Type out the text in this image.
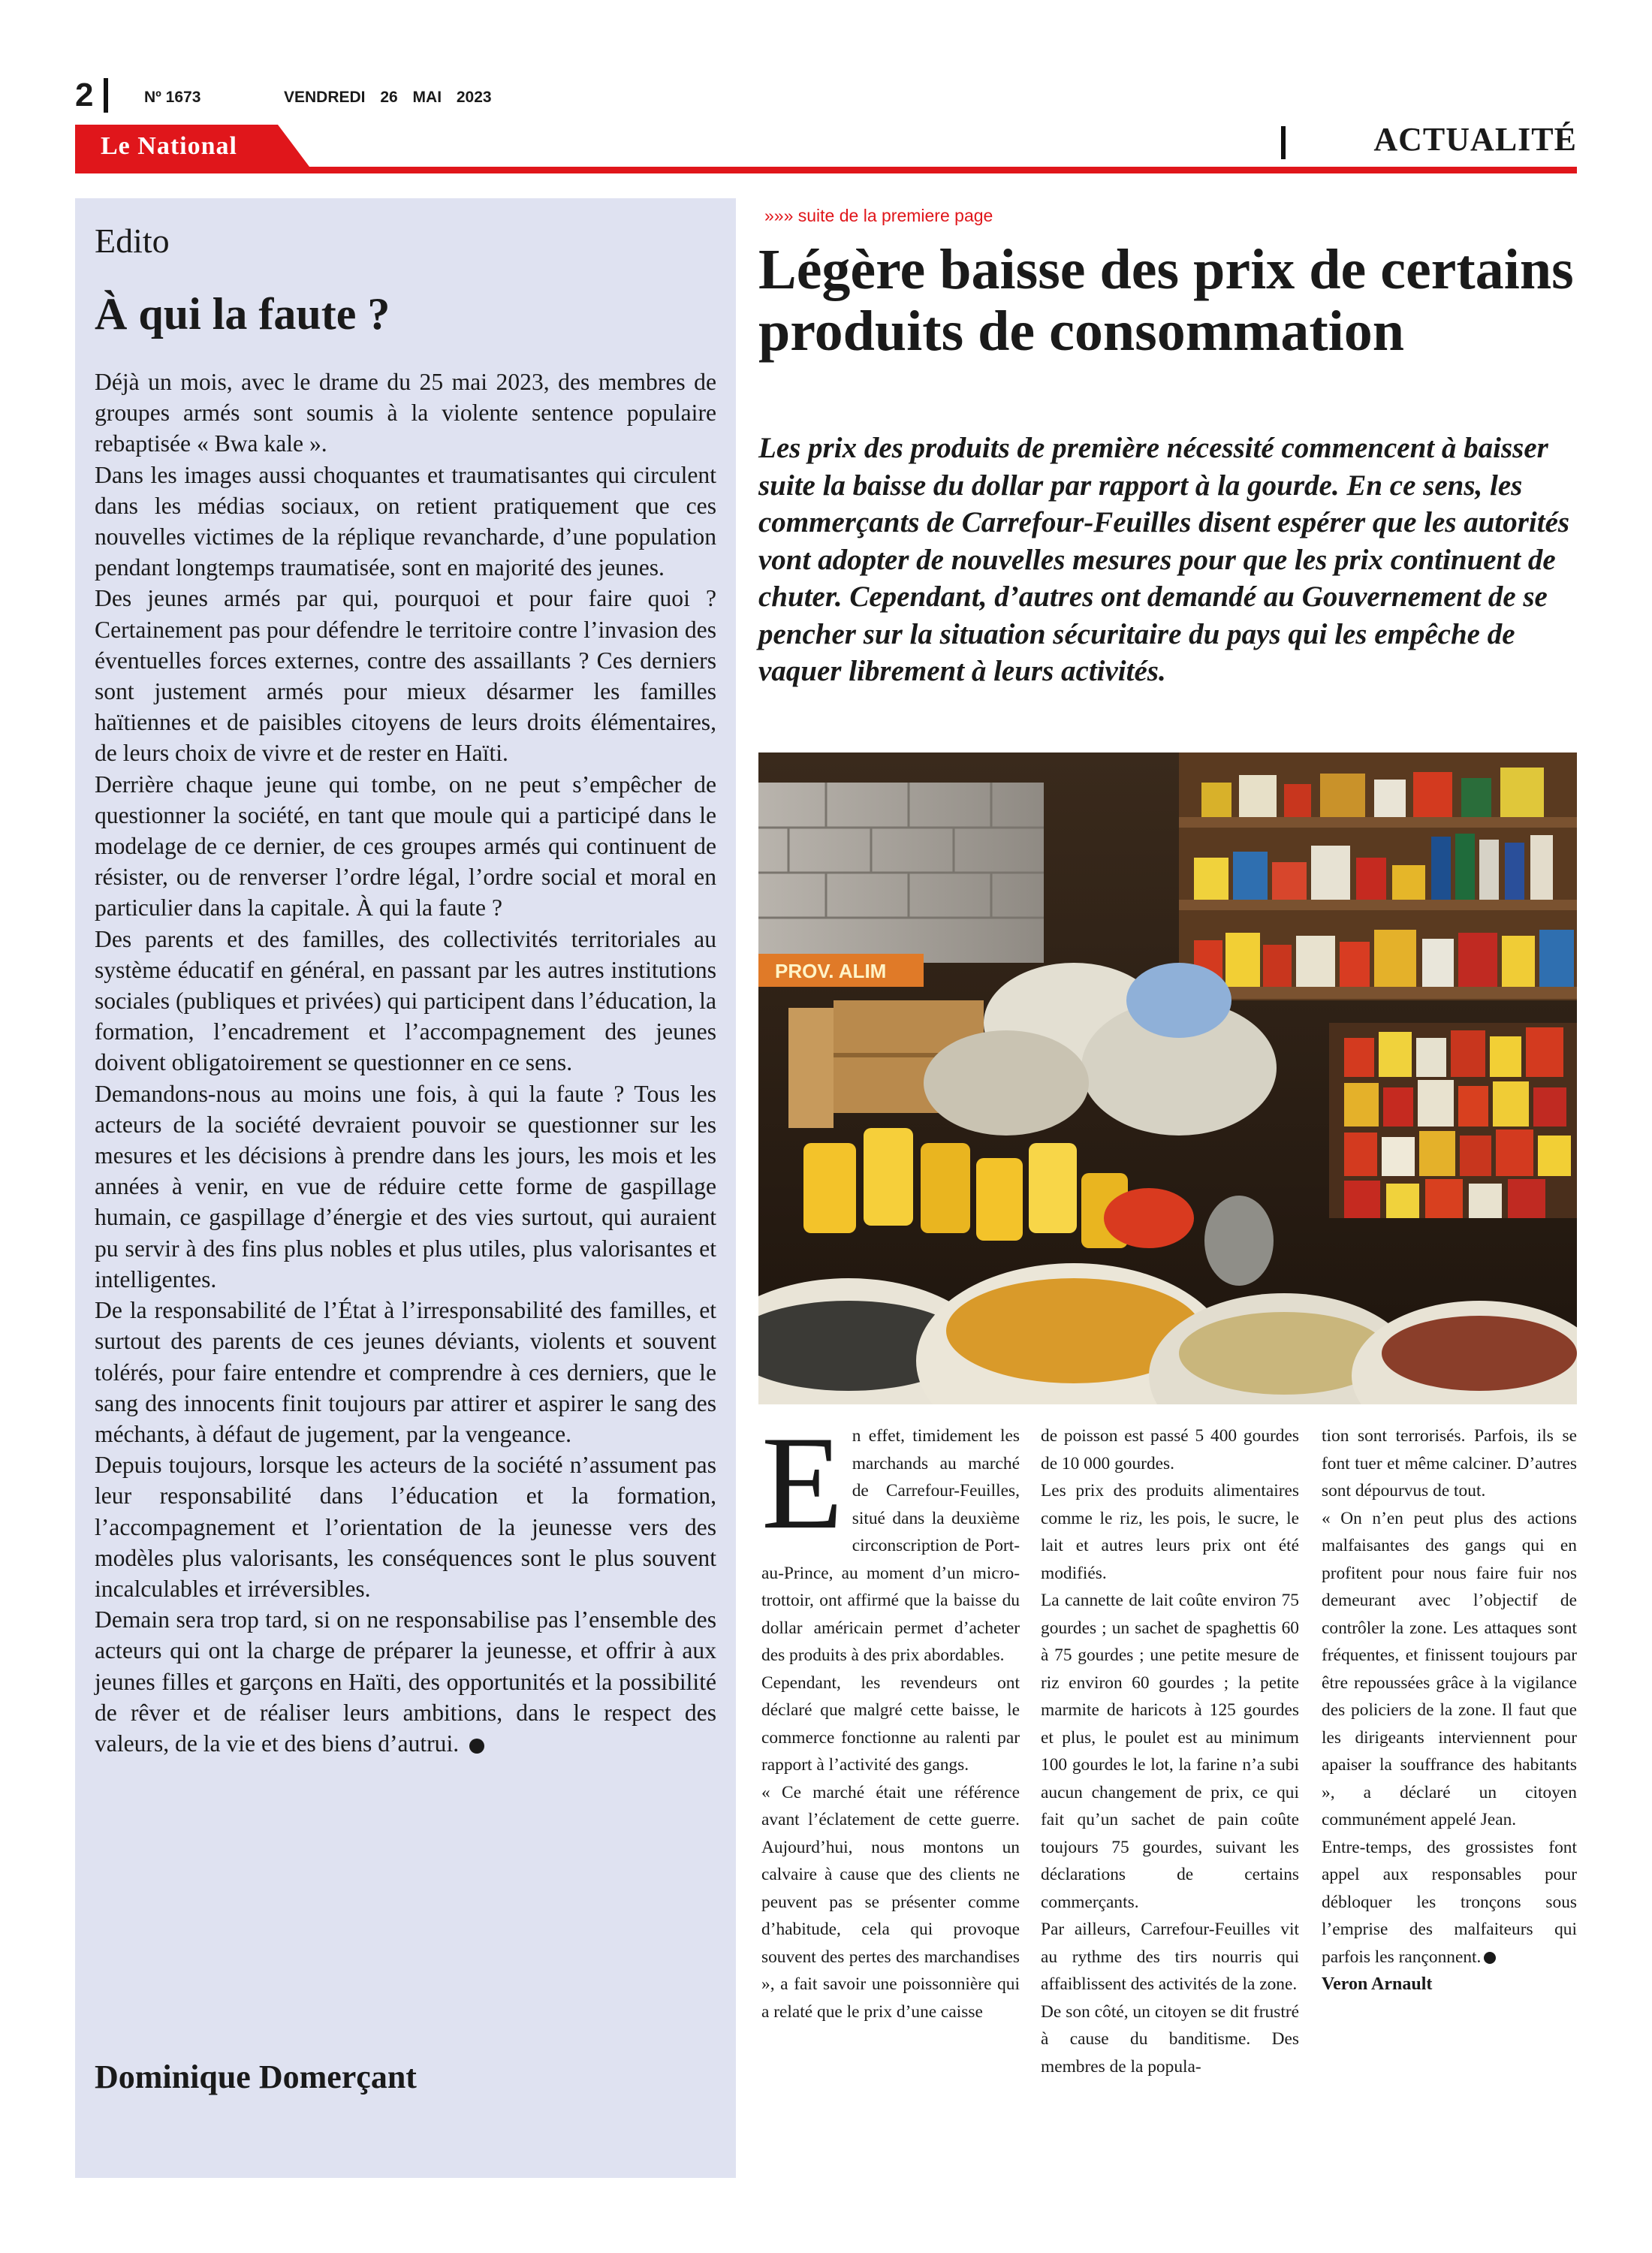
2	Nº 1673	VENDREDI 26 MAI 2023
Le National	ACTUALITÉ
Edito
À qui la faute ?

Déjà un mois, avec le drame du 25 mai 2023, des membres de groupes armés sont soumis à la violente sentence populaire rebaptisée « Bwa kale ».

Dans les images aussi choquantes et traumatisantes qui circulent dans les médias sociaux, on retient pratiquement que ces nouvelles victimes de la réplique revancharde, d’une population pendant longtemps traumatisée, sont en majorité des jeunes.

Des jeunes armés par qui, pourquoi et pour faire quoi ? Certainement pas pour défendre le territoire contre l’invasion des éventuelles forces externes, contre des assaillants ? Ces derniers sont justement armés pour mieux désarmer les familles haïtiennes et de paisibles citoyens de leurs droits élémentaires, de leurs choix de vivre et de rester en Haïti.

Derrière chaque jeune qui tombe, on ne peut s’empêcher de questionner la société, en tant que moule qui a participé dans le modelage de ce dernier, de ces groupes armés qui continuent de résister, ou de renverser l’ordre légal, l’ordre social et moral en particulier dans la capitale. À qui la faute ?

Des parents et des familles, des collectivités territoriales au système éducatif en général, en passant par les autres institutions sociales (publiques et privées) qui participent dans l’éducation, la formation, l’encadrement et l’accompagnement des jeunes doivent obligatoirement se questionner en ce sens.

Demandons-nous au moins une fois, à qui la faute ? Tous les acteurs de la société devraient pouvoir se questionner sur les mesures et les décisions à prendre dans les jours, les mois et les années à venir, en vue de réduire cette forme de gaspillage humain, ce gaspillage d’énergie et des vies surtout, qui auraient pu servir à des fins plus nobles et plus utiles, plus valorisantes et intelligentes.

De la responsabilité de l’État à l’irresponsabilité des familles, et surtout des parents de ces jeunes déviants, violents et souvent tolérés, pour faire entendre et comprendre à ces derniers, que le sang des innocents finit toujours par attirer et aspirer le sang des méchants, à défaut de jugement, par la vengeance.

Depuis toujours, lorsque les acteurs de la société n’assument pas leur responsabilité dans l’éducation et la formation, l’accompagnement et l’orientation de la jeunesse vers des modèles plus valorisants, les conséquences sont le plus souvent incalculables et irréversibles.

Demain sera trop tard, si on ne responsabilise pas l’ensemble des acteurs qui ont la charge de préparer la jeunesse, et offrir à aux jeunes filles et garçons en Haïti, des opportunités et la possibilité de rêver et de réaliser leurs ambitions, dans le respect des valeurs, de la vie et des biens d’autrui.

Dominique Domerçant
»»» suite de la premiere page
Légère baisse des prix de certains produits de consommation
Les prix des produits de première nécessité commencent à baisser suite la baisse du dollar par rapport à la gourde. En ce sens, les commerçants de Carrefour-Feuilles disent espérer que les autorités vont adopter de nouvelles mesures pour que les prix continuent de chuter. Cependant, d’autres ont demandé au Gouvernement de se pencher sur la situation sécuritaire du pays qui les empêche de vaquer librement à leurs activités.
PROV. ALIM

En effet, timidement les marchands au marché de Carrefour-Feuilles, situé dans la deuxième circonscription de Port-au-Prince, au moment d’un micro-trottoir, ont affirmé que la baisse du dollar américain permet d’acheter des produits à des prix abordables.

Cependant, les revendeurs ont déclaré que malgré cette baisse, le commerce fonctionne au ralenti par rapport à l’activité des gangs.

« Ce marché était une référence avant l’éclatement de cette guerre. Aujourd’hui, nous montons un calvaire à cause que des clients ne peuvent pas se présenter comme d’habitude, cela qui provoque souvent des pertes des marchandises », a fait savoir une poissonnière qui a relaté que le prix d’une caisse

de poisson est passé 5 400 gourdes de 10 000 gourdes.

Les prix des produits alimentaires comme le riz, les pois, le sucre, le lait et autres leurs prix ont été modifiés.

La cannette de lait coûte environ 75 gourdes ; un sachet de spaghettis 60 à 75 gourdes ; une petite mesure de riz environ 60 gourdes ; la petite marmite de haricots à 125 gourdes et plus, le poulet est au minimum 100 gourdes le lot, la farine n’a subi aucun changement de prix, ce qui fait qu’un sachet de pain coûte toujours 75 gourdes, suivant les déclarations de certains commerçants.

Par ailleurs, Carrefour-Feuilles vit au rythme des tirs nourris qui affaiblissent des activités de la zone.

De son côté, un citoyen se dit frustré à cause du banditisme. Des membres de la popula-

tion sont terrorisés. Parfois, ils se font tuer et même calciner. D’autres sont dépourvus de tout.

« On n’en peut plus des actions malfaisantes des gangs qui en profitent pour nous faire fuir nos demeurant avec l’objectif de contrôler la zone. Les attaques sont fréquentes, et finissent toujours par être repoussées grâce à la vigilance des policiers de la zone. Il faut que les dirigeants interviennent pour apaiser la souffrance des habitants », a déclaré un citoyen communément appelé Jean.

Entre-temps, des grossistes font appel aux responsables pour débloquer les tronçons sous l’emprise des malfaiteurs qui parfois les rançonnent.

Veron Arnault
